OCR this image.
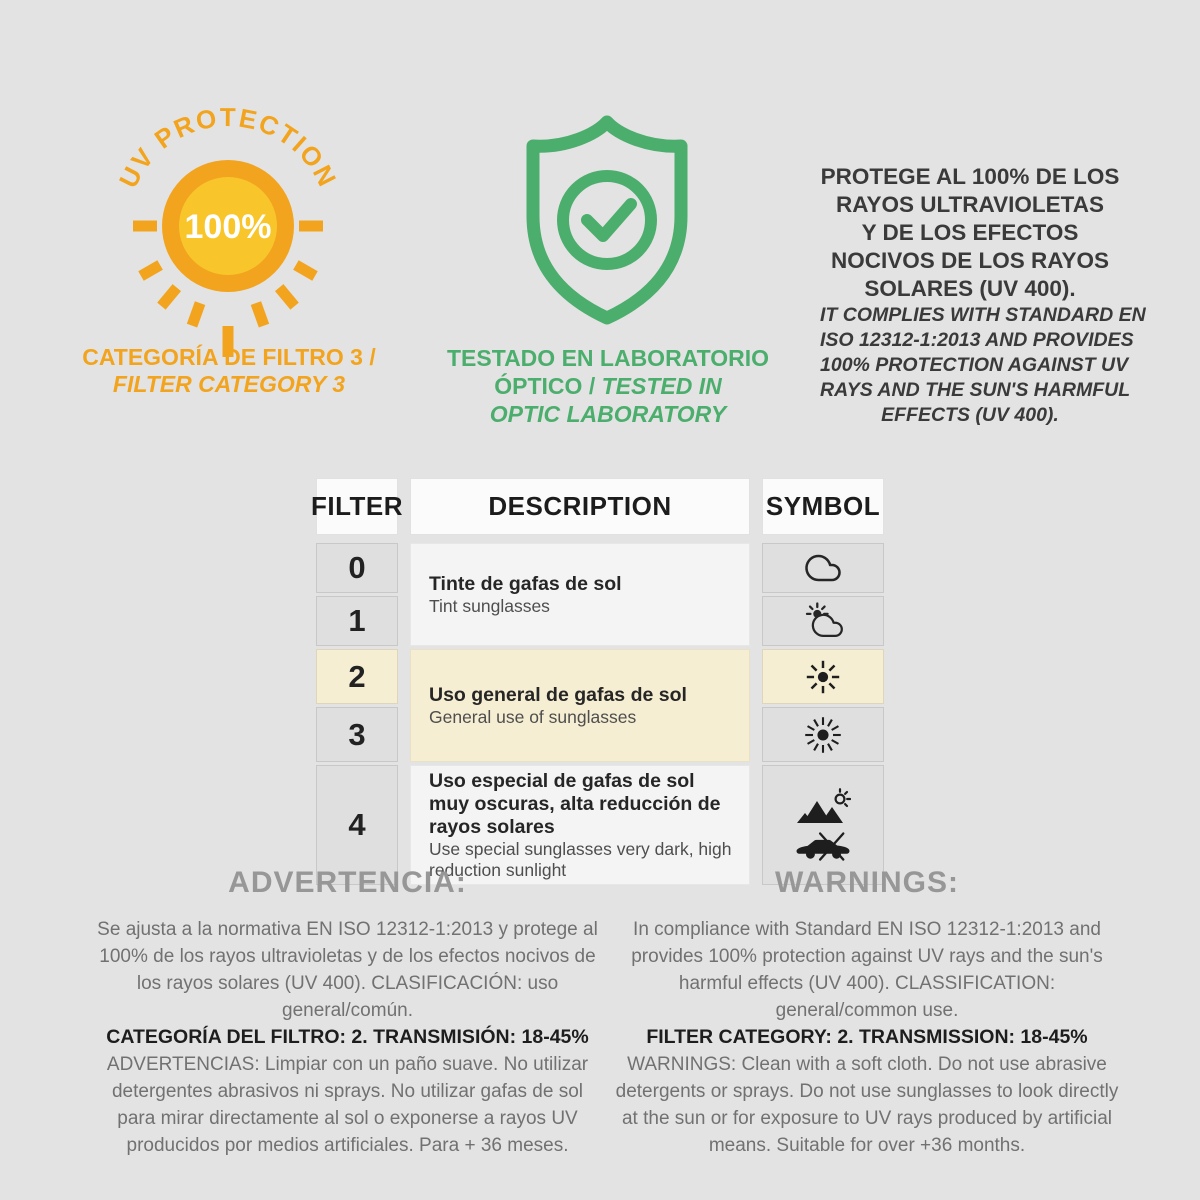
UV PROTECTION
100%
CATEGORÍA DE FILTRO 3 /
FILTER CATEGORY 3
TESTADO EN LABORATORIO
ÓPTICO / TESTED IN
OPTIC LABORATORY
PROTEGE AL 100% DE LOS
RAYOS ULTRAVIOLETAS
Y DE LOS EFECTOS
NOCIVOS DE LOS RAYOS
SOLARES (UV 400).
IT COMPLIES WITH STANDARD EN
ISO 12312-1:2013 AND PROVIDES
100% PROTECTION AGAINST UV
RAYS AND THE SUN'S HARMFUL
EFFECTS (UV 400).
FILTER	DESCRIPTION	SYMBOL
0
1
2
3
4
Tinte de gafas de sol
Tint sunglasses
Uso general de gafas de sol
General use of sunglasses
Uso especial de gafas de sol muy oscuras, alta reducción de rayos solares
Use special sunglasses very dark, high reduction sunlight
ADVERTENCIA:

Se ajusta a la normativa EN ISO 12312-1:2013 y protege al 100% de los rayos ultravioletas y de los efectos nocivos de los rayos solares (UV 400). CLASIFICACIÓN: uso general/común.

CATEGORÍA DEL FILTRO: 2. TRANSMISIÓN: 18-45%

ADVERTENCIAS: Limpiar con un paño suave. No utilizar detergentes abrasivos ni sprays. No utilizar gafas de sol para mirar directamente al sol o exponerse a rayos UV producidos por medios artificiales. Para + 36 meses.

WARNINGS:

In compliance with Standard EN ISO 12312-1:2013 and provides 100% protection against UV rays and the sun's harmful effects (UV 400). CLASSIFICATION: general/common use.

FILTER CATEGORY: 2. TRANSMISSION: 18-45%

WARNINGS: Clean with a soft cloth. Do not use abrasive detergents or sprays. Do not use sunglasses to look directly at the sun or for exposure to UV rays produced by artificial means. Suitable for over +36 months.
